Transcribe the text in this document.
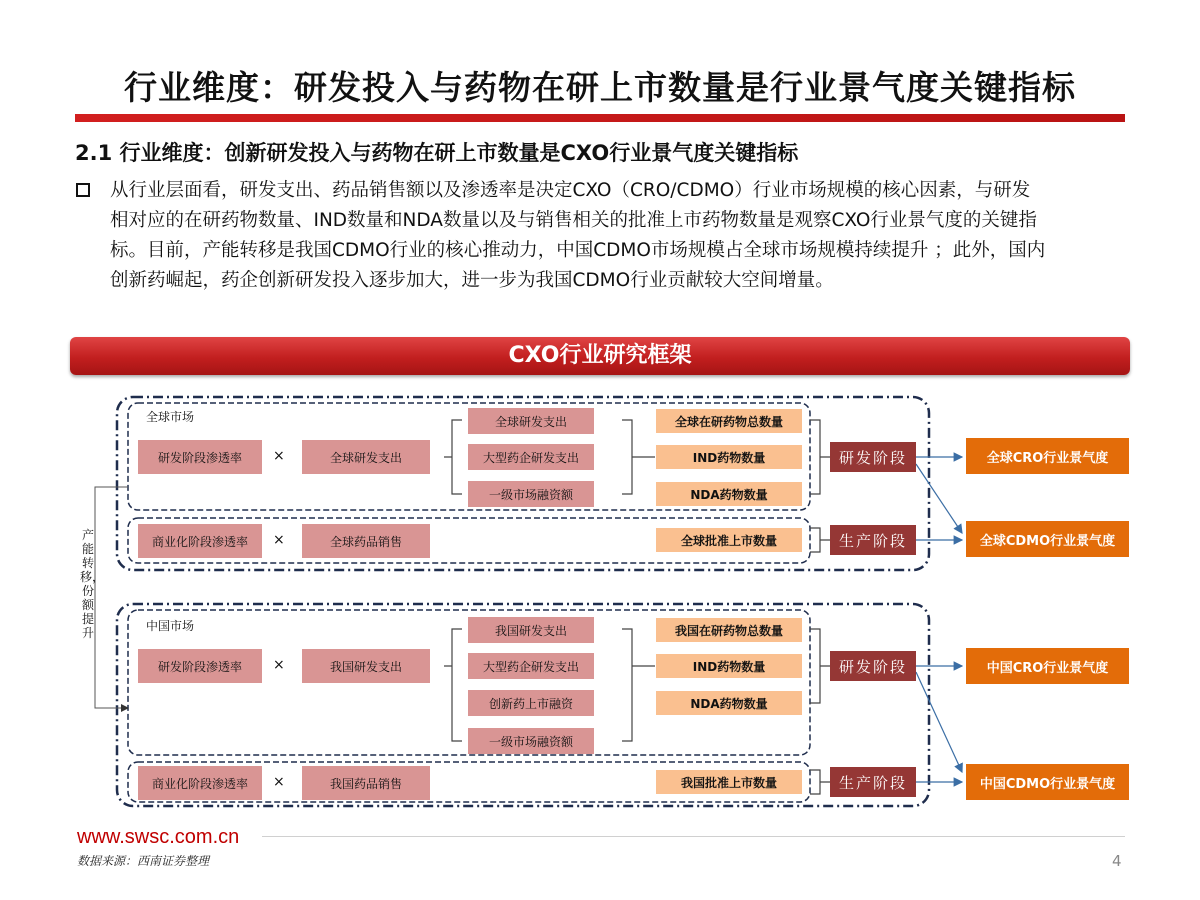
行业维度：研发投入与药物在研上市数量是行业景气度关键指标
2.1 行业维度：创新研发投入与药物在研上市数量是CXO行业景气度关键指标
从行业层面看，研发支出、药品销售额以及渗透率是决定CXO（CRO/CDMO）行业市场规模的核心因素，与研发
相对应的在研药物数量、IND数量和NDA数量以及与销售相关的批准上市药物数量是观察CXO行业景气度的关键指
标。目前，产能转移是我国CDMO行业的核心推动力，中国CDMO市场规模占全球市场规模持续提升 ；此外，国内
创新药崛起，药企创新研发投入逐步加大，进一步为我国CDMO行业贡献较大空间增量。
CXO行业研究框架
全球市场
研发阶段渗透率	×	全球研发支出
全球研发支出
大型药企研发支出
一级市场融资额
全球在研药物总数量
IND药物数量
NDA药物数量
研发阶段
商业化阶段渗透率	×	全球药品销售	全球批准上市数量	生产阶段
全球CRO行业景气度
全球CDMO行业景气度
产能转移，份额提升	中国市场
研发阶段渗透率	×	我国研发支出
我国研发支出
大型药企研发支出
创新药上市融资
一级市场融资额
我国在研药物总数量
IND药物数量
NDA药物数量
研发阶段
商业化阶段渗透率	×	我国药品销售	我国批准上市数量	生产阶段
中国CRO行业景气度
中国CDMO行业景气度
www.swsc.com.cn
数据来源：西南证券整理	4
